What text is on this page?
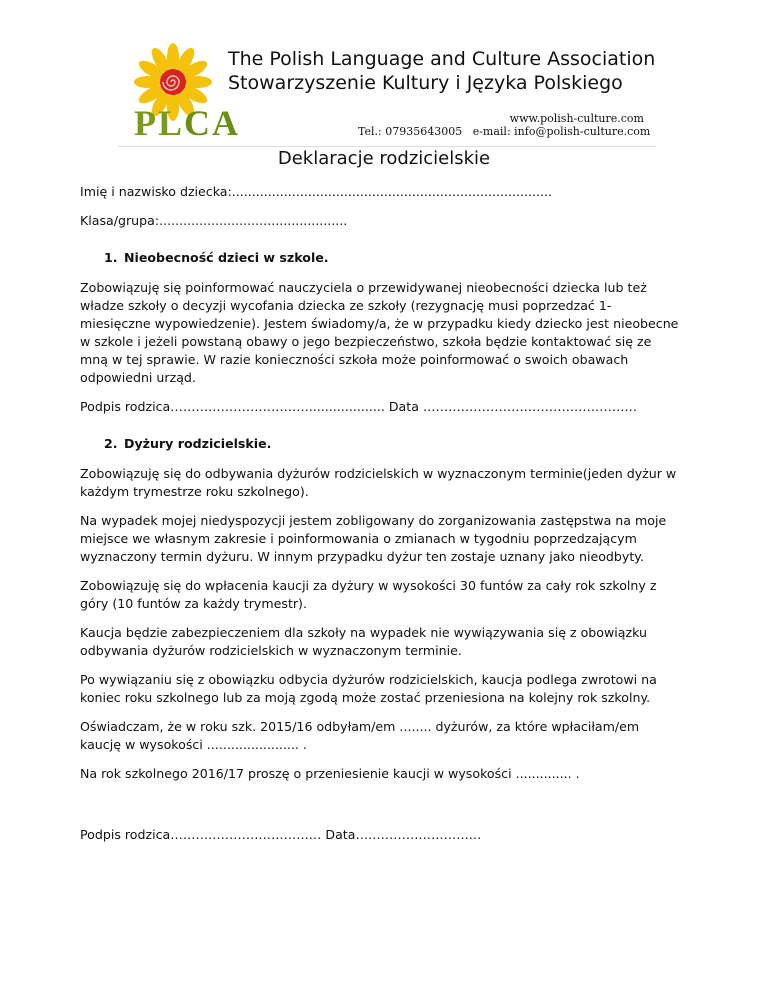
PLCA
The Polish Language and Culture Association
Stowarzyszenie Kultury i Języka Polskiego
www.polish-culture.com
Tel.: 07935643005 e-mail: info@polish-culture.com
Deklaracje rodzicielskie

Imię i nazwisko dziecka:................................................................................

Klasa/grupa:...............................................

1. Nieobecność dzieci w szkole.

Zobowiązuję się poinformować nauczyciela o przewidywanej nieobecności dziecka lub też władze szkoły o decyzji wycofania dziecka ze szkoły (rezygnację musi poprzedzać 1-miesięczne wypowiedzenie). Jestem świadomy/a, że w przypadku kiedy dziecko jest nieobecne w szkole i jeżeli powstaną obawy o jego bezpieczeństwo, szkoła będzie kontaktować się ze mną w tej sprawie. W razie konieczności szkoła może poinformować o swoich obawach odpowiedni urząd.

Podpis rodzica……………………………................... Data ……………………………………………

2. Dyżury rodzicielskie.

Zobowiązuję się do odbywania dyżurów rodzicielskich w wyznaczonym terminie(jeden dyżur w każdym trymestrze roku szkolnego).

Na wypadek mojej niedyspozycji jestem zobligowany do zorganizowania zastępstwa na moje miejsce we własnym zakresie i poinformowania o zmianach w tygodniu poprzedzającym wyznaczony termin dyżuru. W innym przypadku dyżur ten zostaje uznany jako nieodbyty.

Zobowiązuję się do wpłacenia kaucji za dyżury w wysokości 30 funtów za cały rok szkolny z góry (10 funtów za każdy trymestr).

Kaucja będzie zabezpieczeniem dla szkoły na wypadek nie wywiązywania się z obowiązku odbywania dyżurów rodzicielskich w wyznaczonym terminie.

Po wywiązaniu się z obowiązku odbycia dyżurów rodzicielskich, kaucja podlega zwrotowi na koniec roku szkolnego lub za moją zgodą może zostać przeniesiona na kolejny rok szkolny.

Oświadczam, że w roku szk. 2015/16 odbyłam/em ........ dyżurów, za które wpłaciłam/em kaucję w wysokości ....................... .

Na rok szkolnego 2016/17 proszę o przeniesienie kaucji w wysokości .............. .

Podpis rodzica……………………………… Data…………………………
